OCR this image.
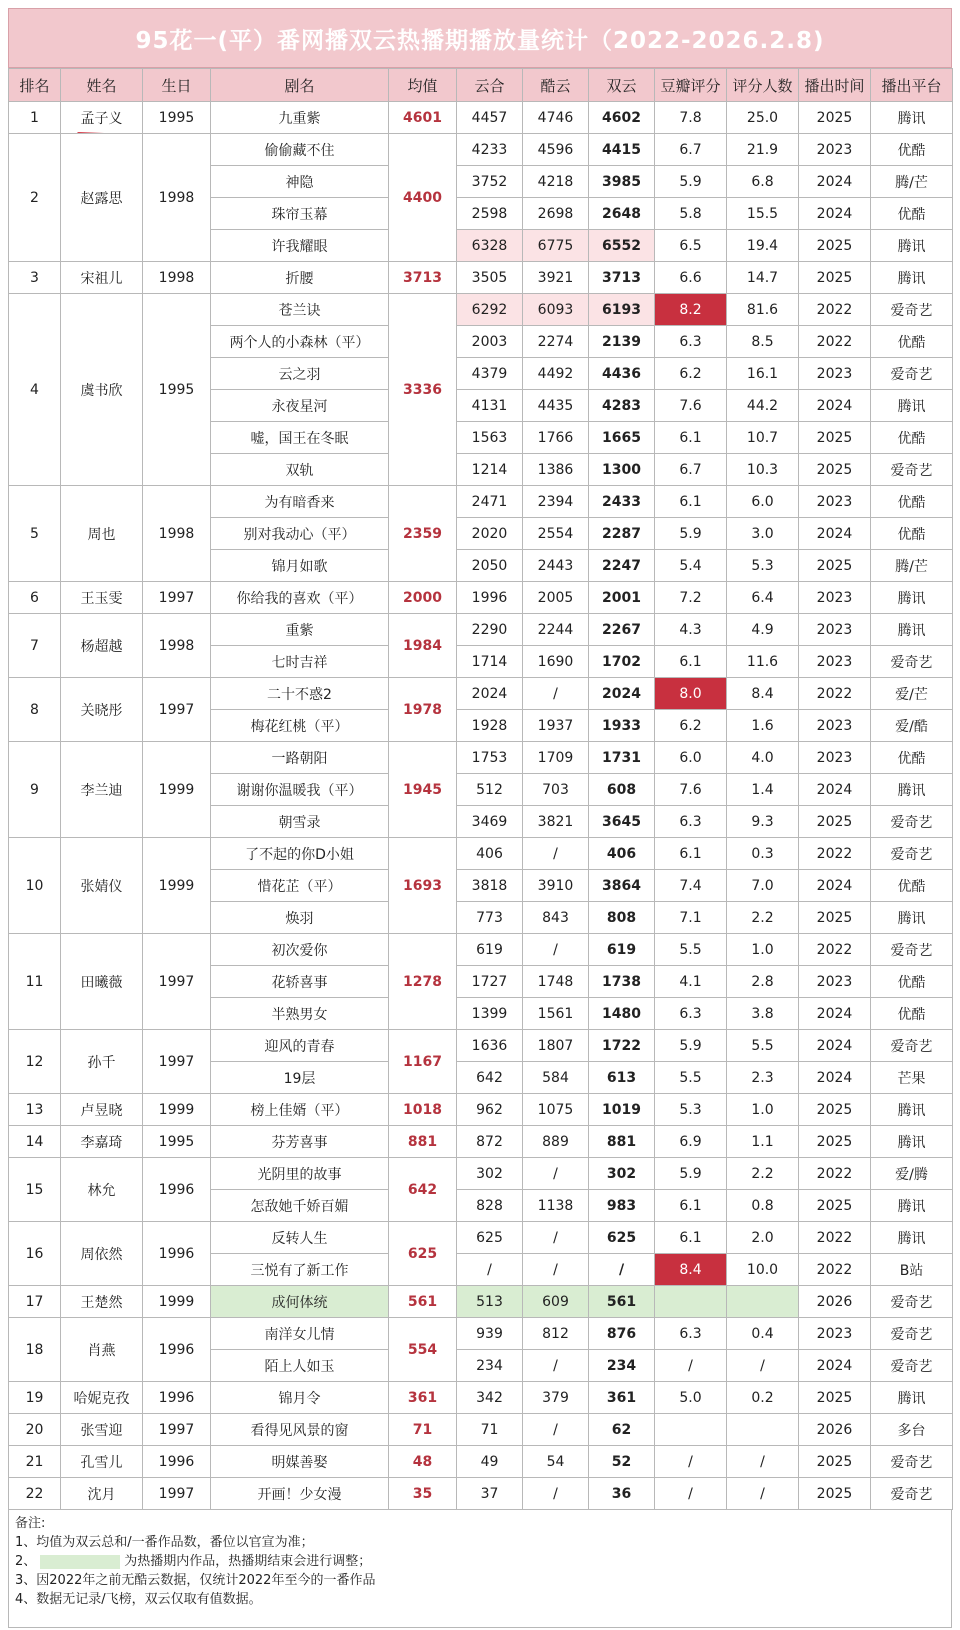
95花一(平）番网播双云热播期播放量统计（2022-2026.2.8)
排名	姓名	生日	剧名	均值	云合	酷云	双云	豆瓣评分	评分人数	播出时间	播出平台
1	孟子义	1995	九重紫	4601	4457	4746	4602	7.8	25.0	2025	腾讯
2	赵露思	1998	偷偷藏不住	4400	4233	4596	4415	6.7	21.9	2023	优酷
			神隐		3752	4218	3985	5.9	6.8	2024	腾/芒
			珠帘玉幕		2598	2698	2648	5.8	15.5	2024	优酷
			许我耀眼		6328	6775	6552	6.5	19.4	2025	腾讯
3	宋祖儿	1998	折腰	3713	3505	3921	3713	6.6	14.7	2025	腾讯
4	虞书欣	1995	苍兰诀	3336	6292	6093	6193	8.2	81.6	2022	爱奇艺
			两个人的小森林（平）		2003	2274	2139	6.3	8.5	2022	优酷
			云之羽		4379	4492	4436	6.2	16.1	2023	爱奇艺
			永夜星河		4131	4435	4283	7.6	44.2	2024	腾讯
			嘘，国王在冬眠		1563	1766	1665	6.1	10.7	2025	优酷
			双轨		1214	1386	1300	6.7	10.3	2025	爱奇艺
5	周也	1998	为有暗香来	2359	2471	2394	2433	6.1	6.0	2023	优酷
			别对我动心（平）		2020	2554	2287	5.9	3.0	2024	优酷
			锦月如歌		2050	2443	2247	5.4	5.3	2025	腾/芒
6	王玉雯	1997	你给我的喜欢（平）	2000	1996	2005	2001	7.2	6.4	2023	腾讯
7	杨超越	1998	重紫	1984	2290	2244	2267	4.3	4.9	2023	腾讯
			七时吉祥		1714	1690	1702	6.1	11.6	2023	爱奇艺
8	关晓彤	1997	二十不惑2	1978	2024	/	2024	8.0	8.4	2022	爱/芒
			梅花红桃（平）		1928	1937	1933	6.2	1.6	2023	爱/酷
9	李兰迪	1999	一路朝阳	1945	1753	1709	1731	6.0	4.0	2023	优酷
			谢谢你温暖我（平）		512	703	608	7.6	1.4	2024	腾讯
			朝雪录		3469	3821	3645	6.3	9.3	2025	爱奇艺
10	张婧仪	1999	了不起的你D小姐	1693	406	/	406	6.1	0.3	2022	爱奇艺
			惜花芷（平）		3818	3910	3864	7.4	7.0	2024	优酷
			焕羽		773	843	808	7.1	2.2	2025	腾讯
11	田曦薇	1997	初次爱你	1278	619	/	619	5.5	1.0	2022	爱奇艺
			花轿喜事		1727	1748	1738	4.1	2.8	2023	优酷
			半熟男女		1399	1561	1480	6.3	3.8	2024	优酷
12	孙千	1997	迎风的青春	1167	1636	1807	1722	5.9	5.5	2024	爱奇艺
			19层		642	584	613	5.5	2.3	2024	芒果
13	卢昱晓	1999	榜上佳婿（平）	1018	962	1075	1019	5.3	1.0	2025	腾讯
14	李嘉琦	1995	芬芳喜事	881	872	889	881	6.9	1.1	2025	腾讯
15	林允	1996	光阴里的故事	642	302	/	302	5.9	2.2	2022	爱/腾
			怎敌她千娇百媚		828	1138	983	6.1	0.8	2025	腾讯
16	周依然	1996	反转人生	625	625	/	625	6.1	2.0	2022	腾讯
			三悦有了新工作		/	/	/	8.4	10.0	2022	B站
17	王楚然	1999	成何体统	561	513	609	561			2026	爱奇艺
18	肖燕	1996	南洋女儿情	554	939	812	876	6.3	0.4	2023	爱奇艺
			陌上人如玉		234	/	234	/	/	2024	爱奇艺
19	哈妮克孜	1996	锦月令	361	342	379	361	5.0	0.2	2025	腾讯
20	张雪迎	1997	看得见风景的窗	71	71	/	62			2026	多台
21	孔雪儿	1996	明媒善娶	48	49	54	52	/	/	2025	爱奇艺
22	沈月	1997	开画！少女漫	35	37	/	36	/	/	2025	爱奇艺
备注:
1、均值为双云总和/一番作品数，番位以官宣为准；
2、	为热播期内作品，热播期结束会进行调整；
3、因2022年之前无酷云数据，仅统计2022年至今的一番作品
4、数据无记录/飞榜，双云仅取有值数据。
